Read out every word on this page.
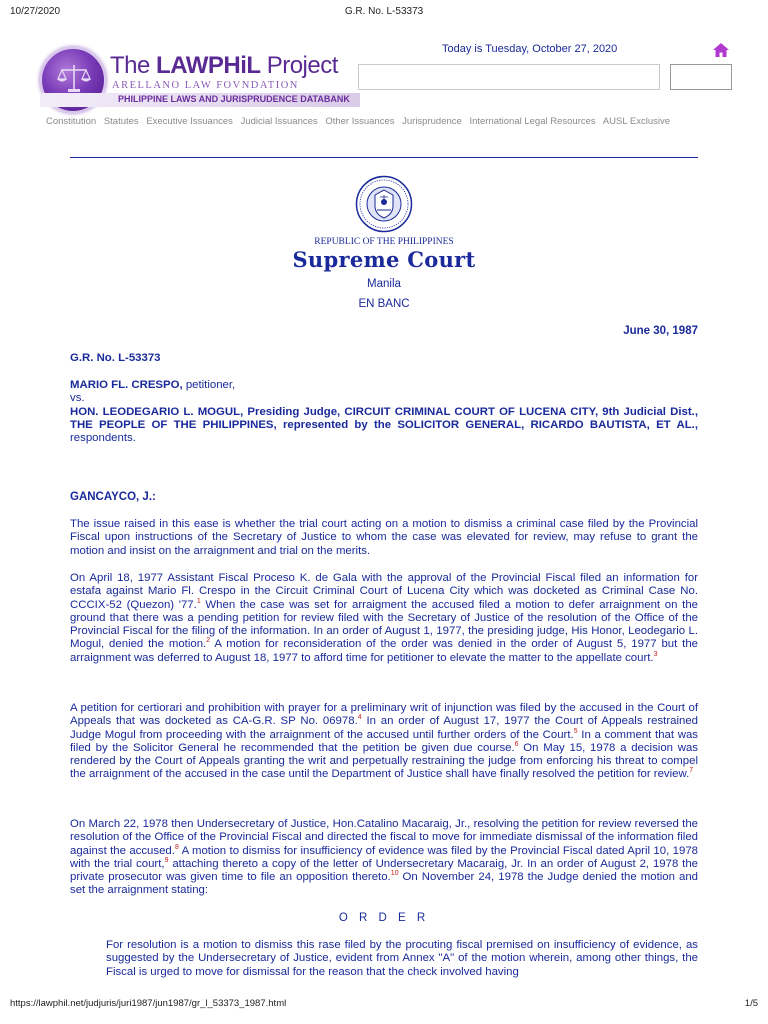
10/27/2020	G.R. No. L-53373
The LAWPHiL Project
ARELLANO LAW FOVNDATION
PHILIPPINE LAWS AND JURISPRUDENCE DATABANK
Today is Tuesday, October 27, 2020
Constitution Statutes Executive Issuances Judicial Issuances Other Issuances Jurisprudence International Legal Resources AUSL Exclusive
REPUBLIC OF THE PHILIPPINES
Supreme Court
Manila
EN BANC
June 30, 1987
G.R. No. L-53373
MARIO FL. CRESPO, petitioner,
vs.
HON. LEODEGARIO L. MOGUL, Presiding Judge, CIRCUIT CRIMINAL COURT OF LUCENA CITY, 9th Judicial Dist., THE PEOPLE OF THE PHILIPPINES, represented by the SOLICITOR GENERAL, RICARDO BAUTISTA, ET AL., respondents.
GANCAYCO, J.:
The issue raised in this ease is whether the trial court acting on a motion to dismiss a criminal case filed by the Provincial Fiscal upon instructions of the Secretary of Justice to whom the case was elevated for review, may refuse to grant the motion and insist on the arraignment and trial on the merits.
On April 18, 1977 Assistant Fiscal Proceso K. de Gala with the approval of the Provincial Fiscal filed an information for estafa against Mario Fl. Crespo in the Circuit Criminal Court of Lucena City which was docketed as Criminal Case No. CCCIX-52 (Quezon) '77.$^1$ When the case was set for arraigment the accused filed a motion to defer arraignment on the ground that there was a pending petition for review filed with the Secretary of Justice of the resolution of the Office of the Provincial Fiscal for the filing of the information. In an order of August 1, 1977, the presiding judge, His Honor, Leodegario L. Mogul, denied the motion.$^2$ A motion for reconsideration of the order was denied in the order of August 5, 1977 but the arraignment was deferred to August 18, 1977 to afford time for petitioner to elevate the matter to the appellate court.$^3$
A petition for certiorari and prohibition with prayer for a preliminary writ of injunction was filed by the accused in the Court of Appeals that was docketed as CA-G.R. SP No. 06978.$^4$ In an order of August 17, 1977 the Court of Appeals restrained Judge Mogul from proceeding with the arraignment of the accused until further orders of the Court.$^5$ In a comment that was filed by the Solicitor General he recommended that the petition be given due course.$^6$ On May 15, 1978 a decision was rendered by the Court of Appeals granting the writ and perpetually restraining the judge from enforcing his threat to compel the arraignment of the accused in the case until the Department of Justice shall have finally resolved the petition for review.$^7$
On March 22, 1978 then Undersecretary of Justice, Hon.Catalino Macaraig, Jr., resolving the petition for review reversed the resolution of the Office of the Provincial Fiscal and directed the fiscal to move for immediate dismissal of the information filed against the accused.$^8$ A motion to dismiss for insufficiency of evidence was filed by the Provincial Fiscal dated April 10, 1978 with the trial court,$^9$ attaching thereto a copy of the letter of Undersecretary Macaraig, Jr. In an order of August 2, 1978 the private prosecutor was given time to file an opposition thereto.$^{10}$ On November 24, 1978 the Judge denied the motion and set the arraignment stating:
O R D E R
For resolution is a motion to dismiss this rase filed by the procuting fiscal premised on insufficiency of evidence, as suggested by the Undersecretary of Justice, evident from Annex "A" of the motion wherein, among other things, the Fiscal is urged to move for dismissal for the reason that the check involved having
https://lawphil.net/judjuris/juri1987/jun1987/gr_l_53373_1987.html	1/5
